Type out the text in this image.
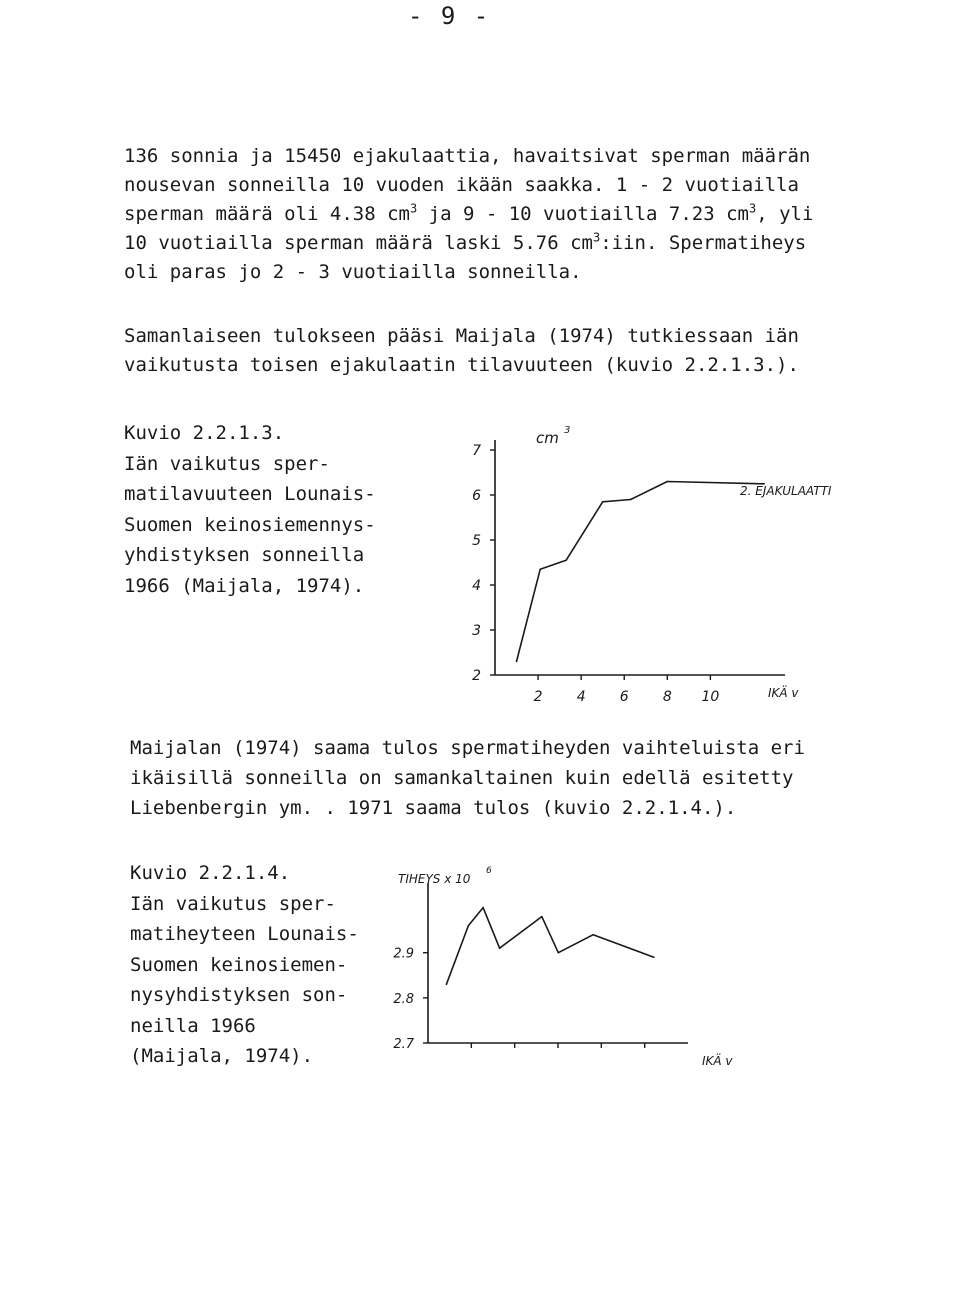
- 9 -
136 sonnia ja 15450 ejakulaattia, havaitsivat sperman määrän
nousevan sonneilla 10 vuoden ikään saakka. 1 - 2 vuotiailla
sperman määrä oli 4.38 $cm^3$ ja 9 - 10 vuotiailla 7.23 $cm^3$, yli
10 vuotiailla sperman määrä laski 5.76 $cm^3:iin$. Spermatiheys
oli paras jo 2 - 3 vuotiailla sonneilla.
Samanlaiseen tulokseen pääsi Maijala (1974) tutkiessaan iän
vaikutusta toisen ejakulaatin tilavuuteen (kuvio 2.2.1.3.).
Kuvio 2.2.1.3.
Iän vaikutus sper-
matilavuuteen Lounais-
Suomen keinosiemennys-
yhdistyksen sonneilla
1966 (Maijala, 1974).
7
6
5
4
3
2
2 4 6 8 10
cm 3
IKÄ v
2. EJAKULAATTI
Maijalan (1974) saama tulos spermatiheyden vaihteluista eri
ikäisillä sonneilla on samankaltainen kuin edellä esitetty
Liebenbergin ym. . 1971 saama tulos (kuvio 2.2.1.4.).
Kuvio 2.2.1.4.
Iän vaikutus sper-
matiheyteen Lounais-
Suomen keinosiemen-
nysyhdistyksen son-
neilla 1966
(Maijala, 1974).
2.9
2.8
2.7
TIHEYS x 10
6
IKÄ v
